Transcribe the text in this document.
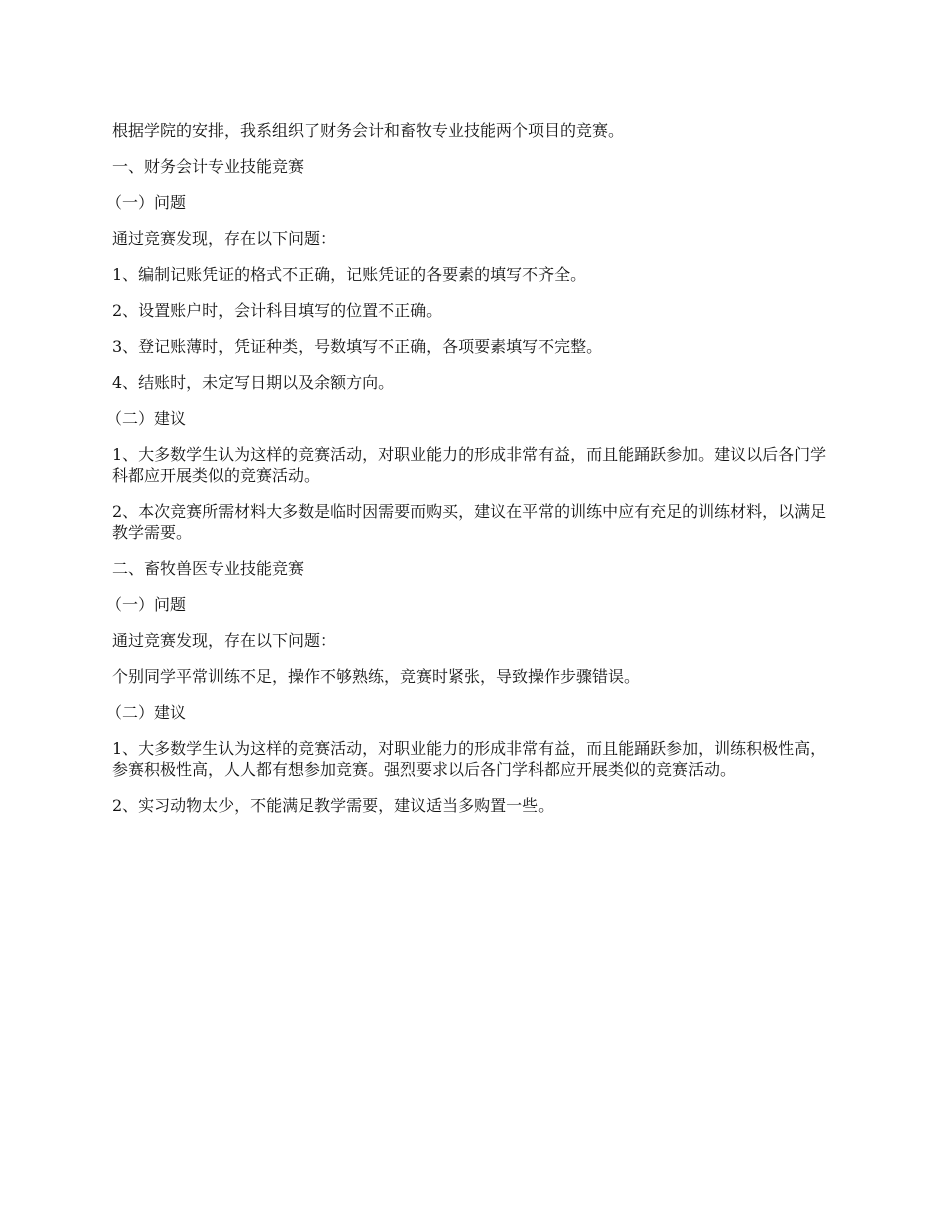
根据学院的安排，我系组织了财务会计和畜牧专业技能两个项目的竞赛。

一、财务会计专业技能竞赛

（一）问题

通过竞赛发现，存在以下问题：

1、编制记账凭证的格式不正确，记账凭证的各要素的填写不齐全。

2、设置账户时，会计科目填写的位置不正确。

3、登记账薄时，凭证种类，号数填写不正确，各项要素填写不完整。

4、结账时，未定写日期以及余额方向。

（二）建议

1、大多数学生认为这样的竞赛活动，对职业能力的形成非常有益，而且能踊跃参加。建议以后各门学科都应开展类似的竞赛活动。

2、本次竞赛所需材料大多数是临时因需要而购买，建议在平常的训练中应有充足的训练材料，以满足教学需要。

二、畜牧兽医专业技能竞赛

（一）问题

通过竞赛发现，存在以下问题：

个别同学平常训练不足，操作不够熟练，竞赛时紧张，导致操作步骤错误。

（二）建议

1、大多数学生认为这样的竞赛活动，对职业能力的形成非常有益，而且能踊跃参加，训练积极性高，参赛积极性高，人人都有想参加竞赛。强烈要求以后各门学科都应开展类似的竞赛活动。

2、实习动物太少，不能满足教学需要，建议适当多购置一些。
